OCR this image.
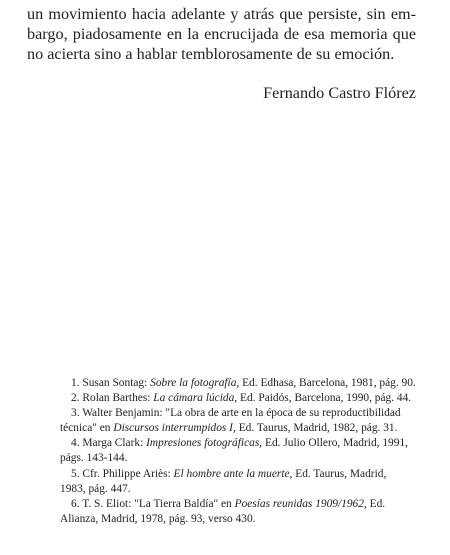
un movimiento hacia adelante y atrás que persiste, sin em-
bargo, piadosamente en la encrucijada de esa memoria que
no acierta sino a hablar temblorosamente de su emoción.
Fernando Castro Flórez
1. Susan Sontag: Sobre la fotografía, Ed. Edhasa, Barcelona, 1981, pág. 90.
2. Rolan Barthes: La cámara lúcida, Ed. Paidós, Barcelona, 1990, pág. 44.
3. Walter Benjamin: "La obra de arte en la época de su reproductibilidad
técnica" en Discursos interrumpidos I, Ed. Taurus, Madrid, 1982, pág. 31.
4. Marga Clark: Impresiones fotográficas, Ed. Julio Ollero, Madrid, 1991,
págs. 143-144.
5. Cfr. Philippe Ariès: El hombre ante la muerte, Ed. Taurus, Madrid,
1983, pág. 447.
6. T. S. Eliot: "La Tierra Baldía" en Poesías reunidas 1909/1962, Ed.
Alianza, Madrid, 1978, pág. 93, verso 430.
